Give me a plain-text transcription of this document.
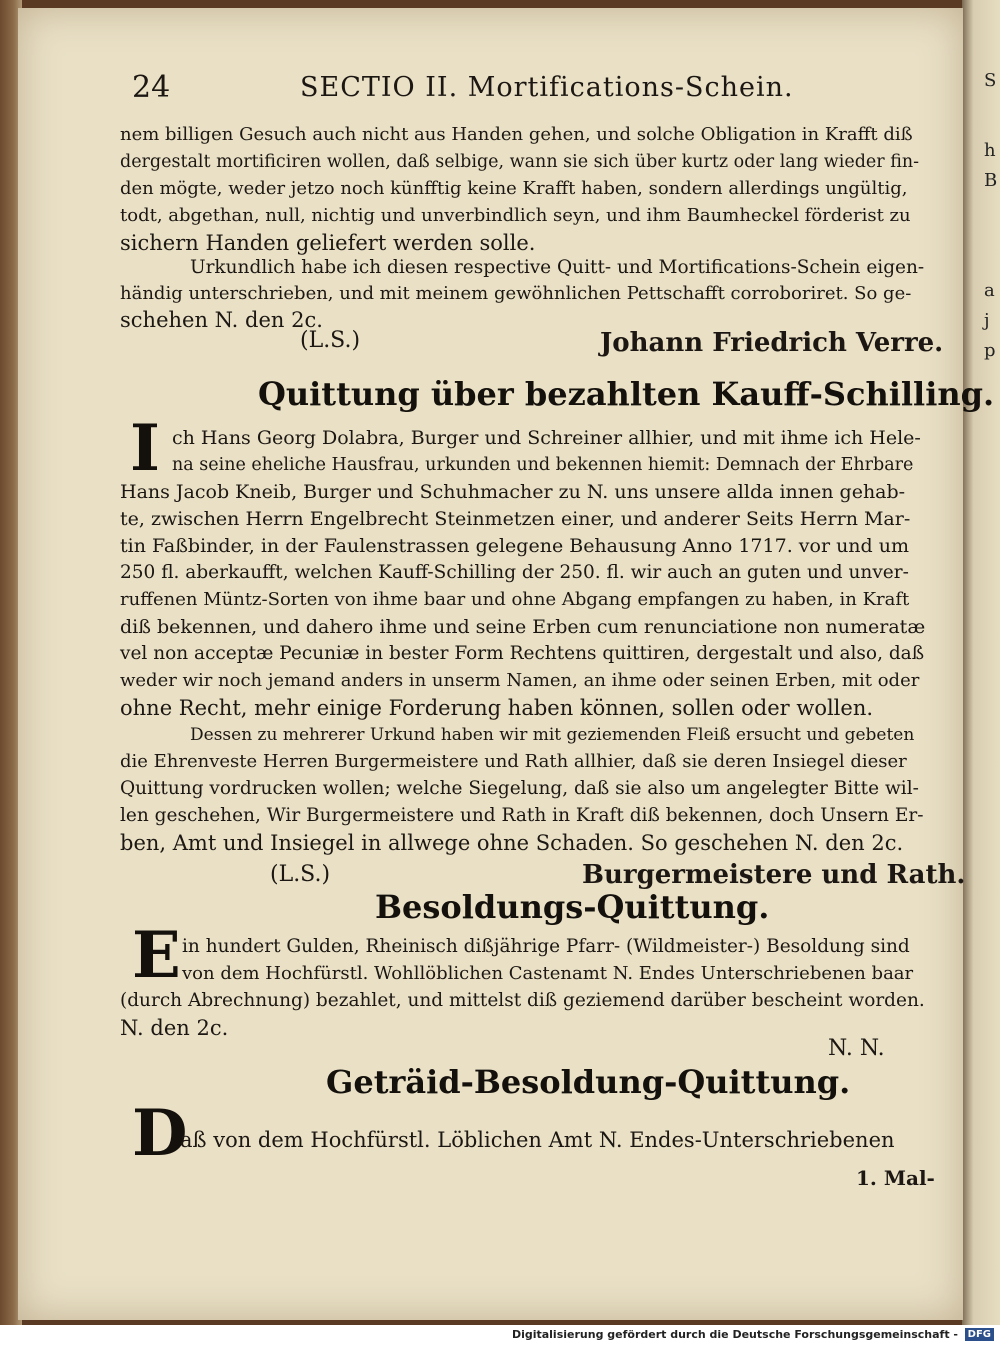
S
h
B
a
j
p
24	SECTIO II. Mortifications-Schein.
nem billigen Gesuch auch nicht aus Handen gehen, und solche Obligation in Krafft diß
dergestalt mortificiren wollen, daß selbige, wann sie sich über kurtz oder lang wieder fin-
den mögte, weder jetzo noch künfftig keine Krafft haben, sondern allerdings ungültig,
todt, abgethan, null, nichtig und unverbindlich seyn, und ihm Baumheckel förderist zu
sichern Handen geliefert werden solle.
Urkundlich habe ich diesen respective Quitt- und Mortifications-Schein eigen-
händig unterschrieben, und mit meinem gewöhnlichen Pettschafft corroboriret. So ge-
schehen N. den 2c.
(L.S.)	Johann Friedrich Verre.
Quittung über bezahlten Kauff-Schilling.
I ch Hans Georg Dolabra, Burger und Schreiner allhier, und mit ihme ich Hele-
na seine eheliche Hausfrau, urkunden und bekennen hiemit: Demnach der Ehrbare
Hans Jacob Kneib, Burger und Schuhmacher zu N. uns unsere allda innen gehab-
te, zwischen Herrn Engelbrecht Steinmetzen einer, und anderer Seits Herrn Mar-
tin Faßbinder, in der Faulenstrassen gelegene Behausung Anno 1717. vor und um
250 fl. aberkaufft, welchen Kauff-Schilling der 250. fl. wir auch an guten und unver-
ruffenen Müntz-Sorten von ihme baar und ohne Abgang empfangen zu haben, in Kraft
diß bekennen, und dahero ihme und seine Erben cum renunciatione non numeratæ
vel non acceptæ Pecuniæ in bester Form Rechtens quittiren, dergestalt und also, daß
weder wir noch jemand anders in unserm Namen, an ihme oder seinen Erben, mit oder
ohne Recht, mehr einige Forderung haben können, sollen oder wollen.
Dessen zu mehrerer Urkund haben wir mit geziemenden Fleiß ersucht und gebeten
die Ehrenveste Herren Burgermeistere und Rath allhier, daß sie deren Insiegel dieser
Quittung vordrucken wollen; welche Siegelung, daß sie also um angelegter Bitte wil-
len geschehen, Wir Burgermeistere und Rath in Kraft diß bekennen, doch Unsern Er-
ben, Amt und Insiegel in allwege ohne Schaden. So geschehen N. den 2c.
(L.S.)	Burgermeistere und Rath.
Besoldungs-Quittung.
E in hundert Gulden, Rheinisch dißjährige Pfarr- (Wildmeister-) Besoldung sind
von dem Hochfürstl. Wohllöblichen Castenamt N. Endes Unterschriebenen baar
(durch Abrechnung) bezahlet, und mittelst diß geziemend darüber bescheint worden.
N. den 2c.
N. N.
Geträid-Besoldung-Quittung.
D
aß von dem Hochfürstl. Löblichen Amt N. Endes-Unterschriebenen
1. Mal-
Digitalisierung gefördert durch die Deutsche Forschungsgemeinschaft - DFG
